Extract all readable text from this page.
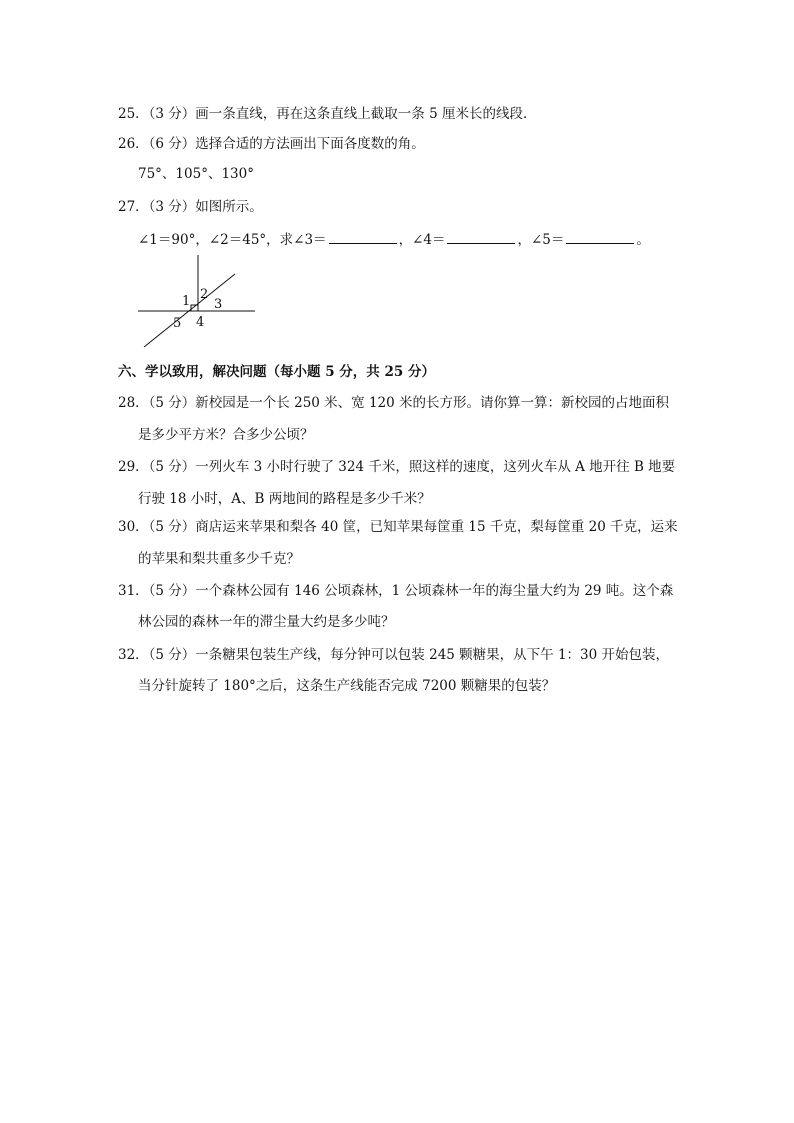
25．（3 分）画一条直线，再在这条直线上截取一条 5 厘米长的线段．
26．（6 分）选择合适的方法画出下面各度数的角。
75°、105°、130°
27．（3 分）如图所示。
∠1＝90°，∠2＝45°，求∠3＝	，∠4＝	，∠5＝	。
1 2
3
4
5
六、学以致用，解决问题（每小题 5 分，共 25 分）
28．（5 分）新校园是一个长 250 米、宽 120 米的长方形。请你算一算：新校园的占地面积
是多少平方米？合多少公顷？
29．（5 分）一列火车 3 小时行驶了 324 千米，照这样的速度，这列火车从 A 地开往 B 地要
行驶 18 小时，A、B 两地间的路程是多少千米？
30．（5 分）商店运来苹果和梨各 40 筐，已知苹果每筐重 15 千克，梨每筐重 20 千克，运来
的苹果和梨共重多少千克？
31．（5 分）一个森林公园有 146 公顷森林，1 公顷森林一年的海尘量大约为 29 吨。这个森
林公园的森林一年的滞尘量大约是多少吨？
32．（5 分）一条糖果包装生产线，每分钟可以包装 245 颗糖果，从下午 1：30 开始包装，
当分针旋转了 180°之后，这条生产线能否完成 7200 颗糖果的包装？
